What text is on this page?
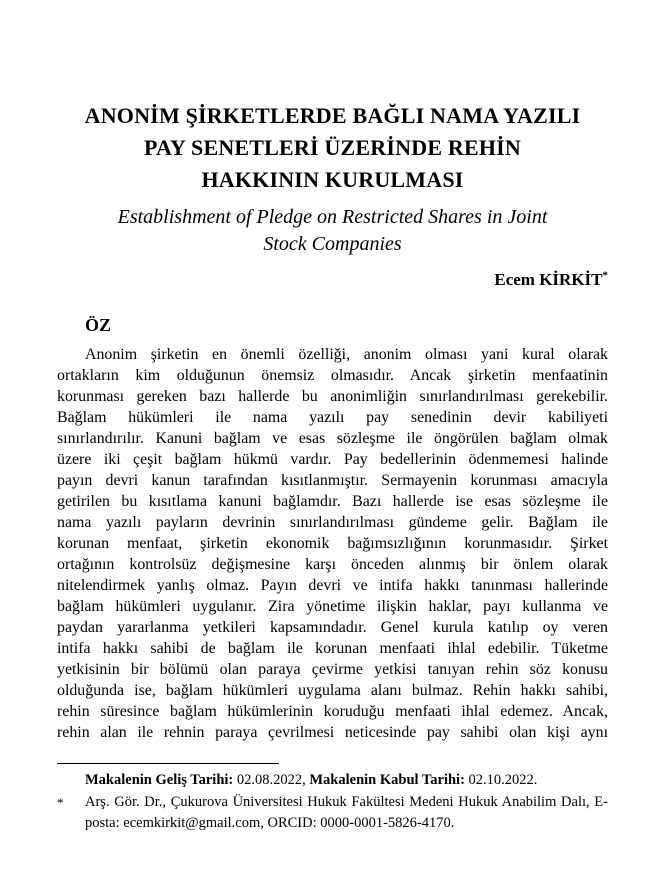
ANONİM ŞİRKETLERDE BAĞLI NAMA YAZILI
PAY SENETLERİ ÜZERİNDE REHİN
HAKKININ KURULMASI
Establishment of Pledge on Restricted Shares in Joint
Stock Companies
Ecem KİRKİT*
ÖZ
Anonim şirketin en önemli özelliği, anonim olması yani kural olarak
ortakların kim olduğunun önemsiz olmasıdır. Ancak şirketin menfaatinin
korunması gereken bazı hallerde bu anonimliğin sınırlandırılması gerekebilir.
Bağlam hükümleri ile nama yazılı pay senedinin devir kabiliyeti
sınırlandırılır. Kanuni bağlam ve esas sözleşme ile öngörülen bağlam olmak
üzere iki çeşit bağlam hükmü vardır. Pay bedellerinin ödenmemesi halinde
payın devri kanun tarafından kısıtlanmıştır. Sermayenin korunması amacıyla
getirilen bu kısıtlama kanuni bağlamdır. Bazı hallerde ise esas sözleşme ile
nama yazılı payların devrinin sınırlandırılması gündeme gelir. Bağlam ile
korunan menfaat, şirketin ekonomik bağımsızlığının korunmasıdır. Şirket
ortağının kontrolsüz değişmesine karşı önceden alınmış bir önlem olarak
nitelendirmek yanlış olmaz. Payın devri ve intifa hakkı tanınması hallerinde
bağlam hükümleri uygulanır. Zira yönetime ilişkin haklar, payı kullanma ve
paydan yararlanma yetkileri kapsamındadır. Genel kurula katılıp oy veren
intifa hakkı sahibi de bağlam ile korunan menfaati ihlal edebilir. Tüketme
yetkisinin bir bölümü olan paraya çevirme yetkisi tanıyan rehin söz konusu
olduğunda ise, bağlam hükümleri uygulama alanı bulmaz. Rehin hakkı sahibi,
rehin süresince bağlam hükümlerinin koruduğu menfaati ihlal edemez. Ancak,
rehin alan ile rehnin paraya çevrilmesi neticesinde pay sahibi olan kişi aynı
Makalenin Geliş Tarihi: 02.08.2022, Makalenin Kabul Tarihi: 02.10.2022.
*	Arş. Gör. Dr., Çukurova Üniversitesi Hukuk Fakültesi Medeni Hukuk Anabilim Dalı, E-posta: ecemkirkit@gmail.com, ORCID: 0000-0001-5826-4170.
